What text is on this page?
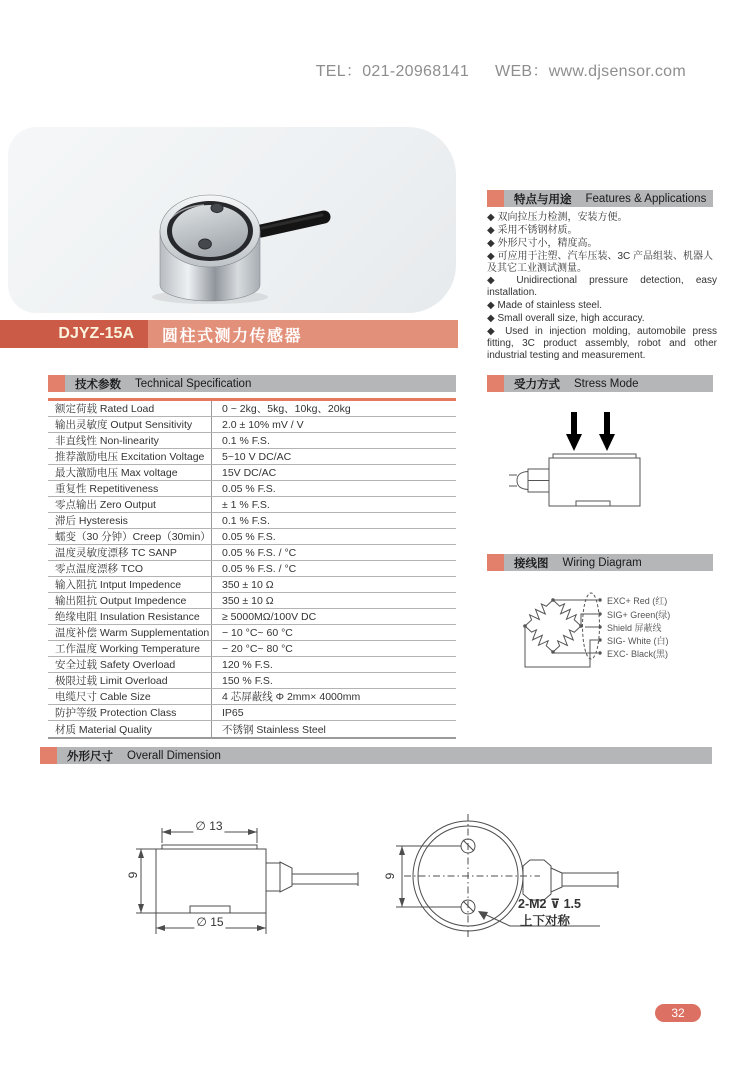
TEL：021-20968141 WEB：www.djsensor.com
DJYZ-15A	圆柱式测力传感器
特点与用途 Features & Applications
◆ 双向拉压力检测，安装方便。
◆ 采用不锈钢材质。
◆ 外形尺寸小，精度高。
◆ 可应用于注塑、汽车压装、3C 产品组装、机器人及其它工业测试测量。
◆ Unidirectional pressure detection, easy installation.
◆ Made of stainless steel.
◆ Small overall size, high accuracy.
◆ Used in injection molding, automobile press fitting, 3C product assembly, robot and other industrial testing and measurement.
技术参数 Technical Specification
额定荷载 Rated Load	0 ~ 2kg、5kg、10kg、20kg
输出灵敏度 Output Sensitivity	2.0 ± 10% mV / V
非直线性 Non-linearity	0.1 % F.S.
推荐激励电压 Excitation Voltage	5~10 V DC/AC
最大激励电压 Max voltage	15V DC/AC
重复性 Repetitiveness	0.05 % F.S.
零点输出 Zero Output	± 1 % F.S.
滞后 Hysteresis	0.1 % F.S.
蠕变（30 分钟）Creep（30min）	0.05 % F.S.
温度灵敏度漂移 TC SANP	0.05 % F.S. / °C
零点温度漂移 TCO	0.05 % F.S. / °C
输入阻抗 Intput Impedence	350 ± 10 Ω
输出阻抗 Output Impedence	350 ± 10 Ω
绝缘电阻 Insulation Resistance	≥ 5000MΩ/100V DC
温度补偿 Warm Supplementation	− 10 °C~ 60 °C
工作温度 Working Temperature	− 20 °C~ 80 °C
安全过载 Safety Overload	120 % F.S.
极限过载 Limit Overload	150 % F.S.
电缆尺寸 Cable Size	4 芯屏蔽线 Φ 2mm× 4000mm
防护等级 Protection Class	IP65
材质 Material Quality	不锈钢 Stainless Steel
受力方式 Stress Mode
接线图 Wiring Diagram
EXC+ Red (红)
SIG+ Green(绿)
Shield 屏蔽线
SIG- White (白)
EXC- Black(黑)
外形尺寸 Overall Dimension
∅ 13
∅ 15
9	9
2-M2 ⊽ 1.5
上下对称
32
